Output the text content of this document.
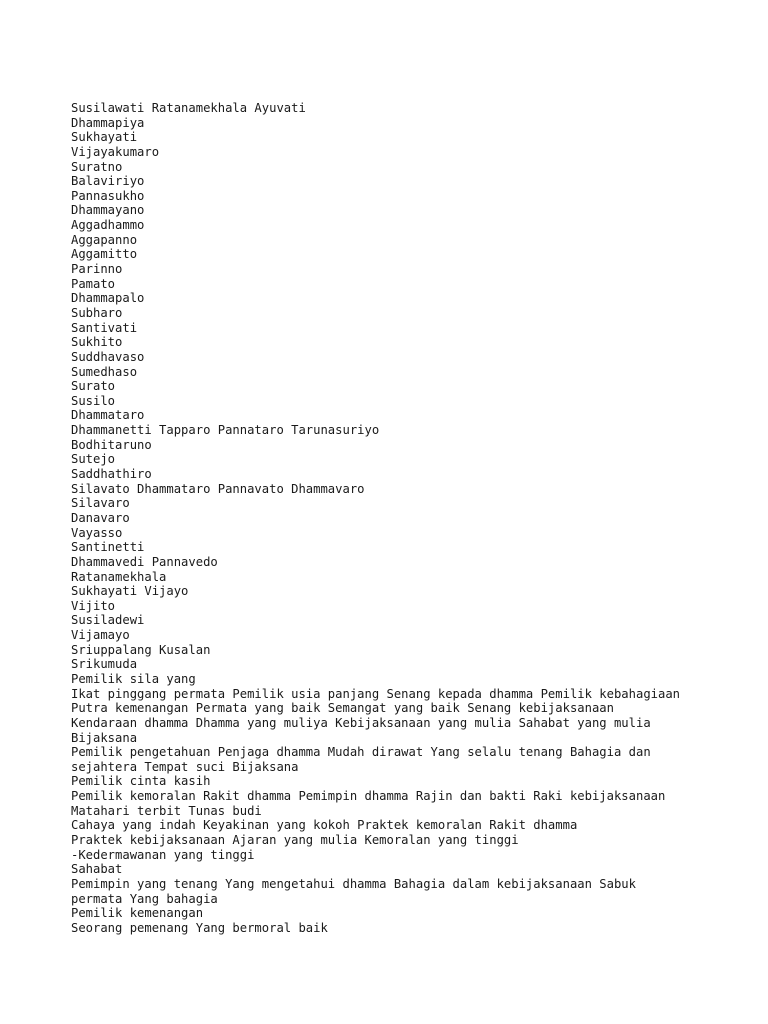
Susilawati Ratanamekhala Ayuvati
Dhammapiya
Sukhayati
Vijayakumaro
Suratno
Balaviriyo
Pannasukho
Dhammayano
Aggadhammo
Aggapanno
Aggamitto
Parinno
Pamato
Dhammapalo
Subharo
Santivati
Sukhito
Suddhavaso
Sumedhaso
Surato
Susilo
Dhammataro
Dhammanetti Tapparo Pannataro Tarunasuriyo
Bodhitaruno
Sutejo
Saddhathiro
Silavato Dhammataro Pannavato Dhammavaro
Silavaro
Danavaro
Vayasso
Santinetti
Dhammavedi Pannavedo
Ratanamekhala
Sukhayati Vijayo
Vijito
Susiladewi
Vijamayo
Sriuppalang Kusalan
Srikumuda
Pemilik sila yang
Ikat pinggang permata Pemilik usia panjang Senang kepada dhamma Pemilik kebahagiaan
Putra kemenangan Permata yang baik Semangat yang baik Senang kebijaksanaan
Kendaraan dhamma Dhamma yang muliya Kebijaksanaan yang mulia Sahabat yang mulia
Bijaksana
Pemilik pengetahuan Penjaga dhamma Mudah dirawat Yang selalu tenang Bahagia dan
sejahtera Tempat suci Bijaksana
Pemilik cinta kasih
Pemilik kemoralan Rakit dhamma Pemimpin dhamma Rajin dan bakti Raki kebijaksanaan
Matahari terbit Tunas budi
Cahaya yang indah Keyakinan yang kokoh Praktek kemoralan Rakit dhamma
Praktek kebijaksanaan Ajaran yang mulia Kemoralan yang tinggi
-Kedermawanan yang tinggi
Sahabat
Pemimpin yang tenang Yang mengetahui dhamma Bahagia dalam kebijaksanaan Sabuk
permata Yang bahagia
Pemilik kemenangan
Seorang pemenang Yang bermoral baik
